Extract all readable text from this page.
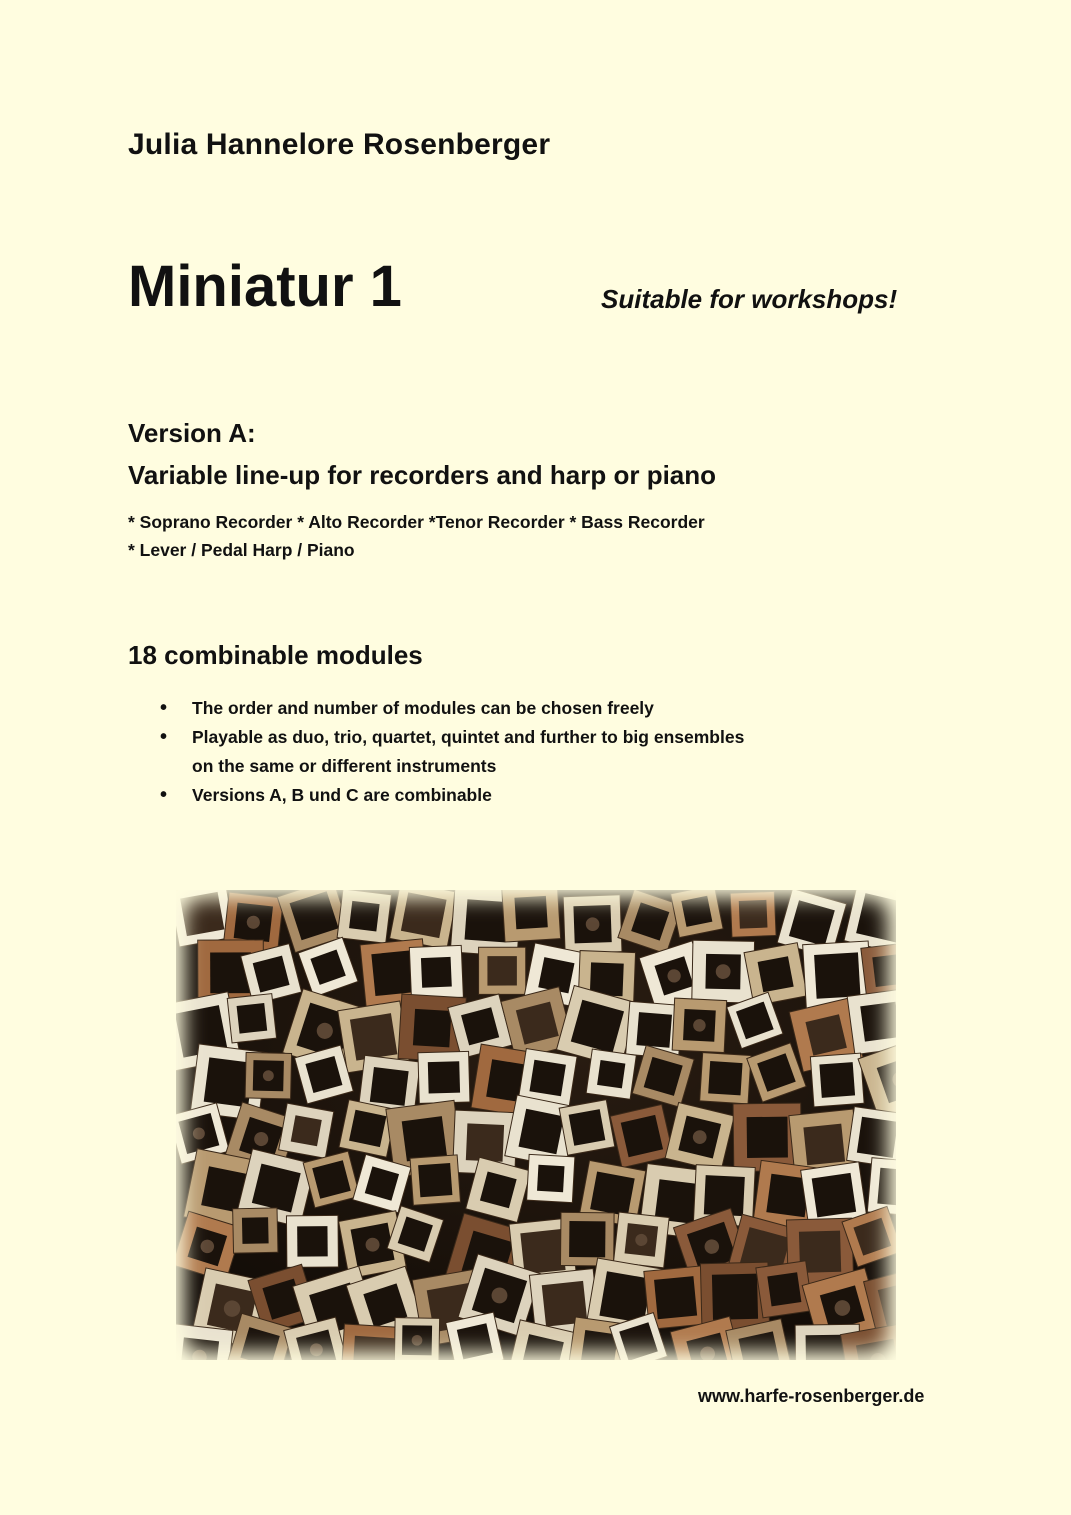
Julia Hannelore Rosenberger
Miniatur 1	Suitable for workshops!
Version A:
Variable line-up for recorders and harp or piano
* Soprano Recorder * Alto Recorder *Tenor Recorder * Bass Recorder
* Lever / Pedal Harp / Piano
18 combinable modules
• The order and number of modules can be chosen freely
• Playable as duo, trio, quartet, quintet and further to big ensembles
on the same or different instruments
• Versions A, B und C are combinable
www.harfe-rosenberger.de
